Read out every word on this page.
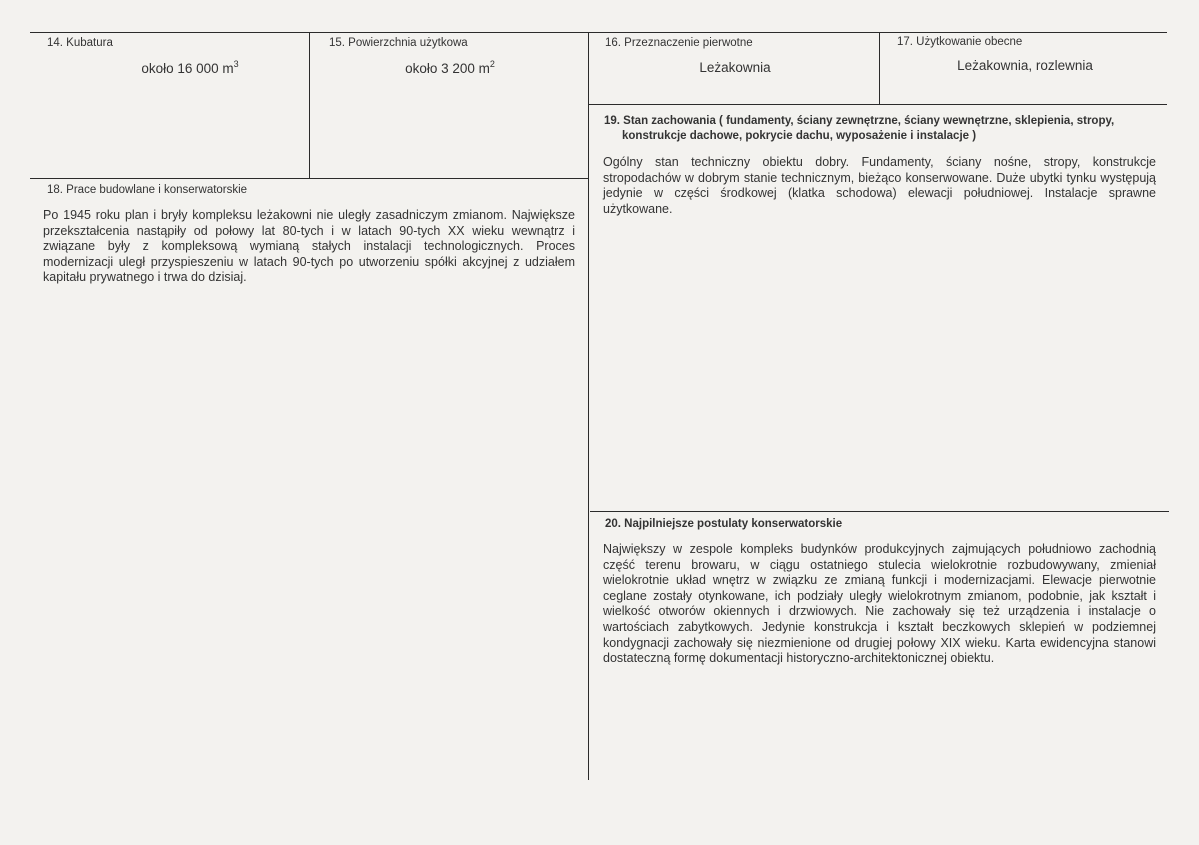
14. Kubatura
około 16 000 $m^3$
15. Powierzchnia użytkowa
około 3 200 $m^2$
16. Przeznaczenie pierwotne
Leżakownia
17. Użytkowanie obecne
Leżakownia, rozlewnia
18. Prace budowlane i konserwatorskie

Po 1945 roku plan i bryły kompleksu leżakowni nie uległy zasadniczym zmianom. Największe przekształcenia nastąpiły od połowy lat 80-tych i w latach 90-tych XX wieku wewnątrz i związane były z kompleksową wymianą stałych instalacji technologicznych. Proces modernizacji uległ przyspieszeniu w latach 90-tych po utworzeniu spółki akcyjnej z udziałem kapitału prywatnego i trwa do dzisiaj.

19. Stan zachowania ( fundamenty, ściany zewnętrzne, ściany wewnętrzne, sklepienia, stropy,
konstrukcje dachowe, pokrycie dachu, wyposażenie i instalacje )

Ogólny stan techniczny obiektu dobry. Fundamenty, ściany nośne, stropy, konstrukcje stropodachów w dobrym stanie technicznym, bieżąco konserwowane. Duże ubytki tynku występują jedynie w części środkowej (klatka schodowa) elewacji południowej. Instalacje sprawne użytkowane.

20. Najpilniejsze postulaty konserwatorskie

Największy w zespole kompleks budynków produkcyjnych zajmujących południowo zachodnią część terenu browaru, w ciągu ostatniego stulecia wielokrotnie rozbudowywany, zmieniał wielokrotnie układ wnętrz w związku ze zmianą funkcji i modernizacjami. Elewacje pierwotnie ceglane zostały otynkowane, ich podziały uległy wielokrotnym zmianom, podobnie, jak kształt i wielkość otworów okiennych i drzwiowych. Nie zachowały się też urządzenia i instalacje o wartościach zabytkowych. Jedynie konstrukcja i kształt beczkowych sklepień w podziemnej kondygnacji zachowały się niezmienione od drugiej połowy XIX wieku. Karta ewidencyjna stanowi dostateczną formę dokumentacji historyczno-architektonicznej obiektu.
